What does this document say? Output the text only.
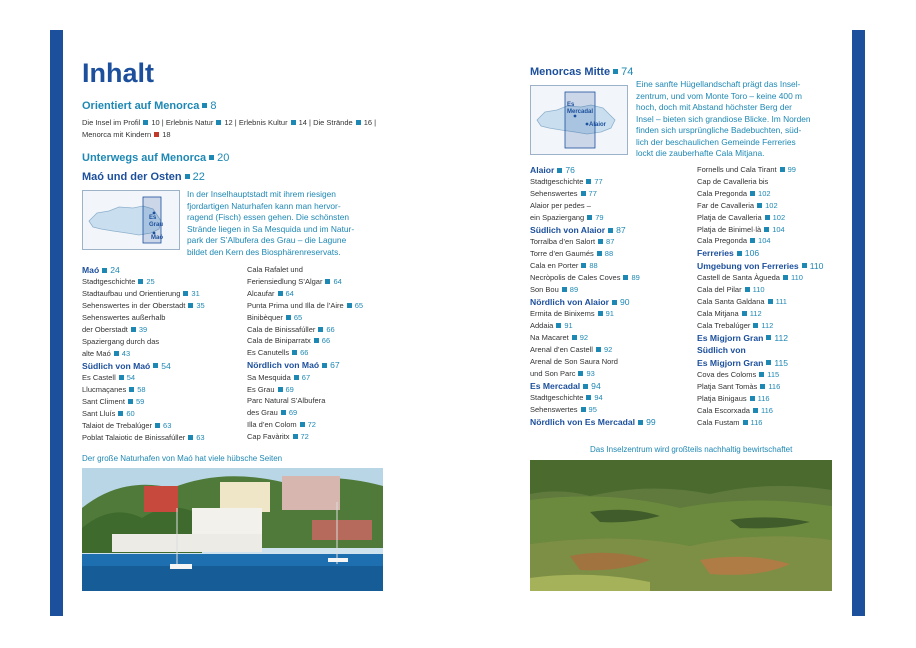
Inhalt
Orientiert auf Menorca 8
Die Insel im Profil 10 | Erlebnis Natur 12 | Erlebnis Kultur 14 | Die Strände 16 | Menorca mit Kindern 18
Unterwegs auf Menorca 20
Maó und der Osten 22
Es Grau
Maó
In der Inselhauptstadt mit ihrem riesigen
fjordartigen Naturhafen kann man hervor-
ragend (Fisch) essen gehen. Die schönsten
Strände liegen in Sa Mesquida und im Natur-
park der S’Albufera des Grau – die Lagune
bildet den Kern des Biosphärenreservats.
Maó 24
Stadtgeschichte 25
Stadtaufbau und Orientierung 31
Sehenswertes in der Oberstadt 35
Sehenswertes außerhalb
der Oberstadt 39
Spaziergang durch das
alte Maó 43
Südlich von Maó 54
Es Castell 54
Llucmaçanes 58
Sant Climent 59
Sant Lluís 60
Talaiot de Trebalúger 63
Poblat Talaiotic de Binissafúller 63
Cala Rafalet und
Feriensiedlung S’Algar 64
Alcaufar 64
Punta Prima und Illa de l’Aire 65
Binibèquer 65
Cala de Binissafúller 66
Cala de Biniparratx 66
Es Canutells 66
Nördlich von Maó 67
Sa Mesquida 67
Es Grau 69
Parc Natural S’Albufera
des Grau 69
Illa d’en Colom 72
Cap Favàritx 72
Der große Naturhafen von Maó hat viele hübsche Seiten
Menorcas Mitte 74
Es Mercadal
Alaior
Eine sanfte Hügellandschaft prägt das Insel-
zentrum, und vom Monte Toro – keine 400 m
hoch, doch mit Abstand höchster Berg der
Insel – bieten sich grandiose Blicke. Im Norden
finden sich ursprüngliche Badebuchten, süd-
lich der beschaulichen Gemeinde Ferreries
lockt die zauberhafte Cala Mitjana.
Alaior 76
Stadtgeschichte 77
Sehenswertes 77
Alaior per pedes –
ein Spaziergang 79
Südlich von Alaior 87
Torralba d’en Salort 87
Torre d’en Gaumés 88
Cala en Porter 88
Necròpolis de Cales Coves 89
Son Bou 89
Nördlich von Alaior 90
Ermita de Binixems 91
Addaia 91
Na Macaret 92
Arenal d’en Castell 92
Arenal de Son Saura Nord
und Son Parc 93
Es Mercadal 94
Stadtgeschichte 94
Sehenswertes 95
Nördlich von Es Mercadal 99
Fornells und Cala Tirant 99
Cap de Cavalleria bis
Cala Pregonda 102
Far de Cavalleria 102
Platja de Cavalleria 102
Platja de Binimel·là 104
Cala Pregonda 104
Ferreries 106
Umgebung von Ferreries 110
Castell de Santa Àgueda 110
Cala del Pilar 110
Cala Santa Galdana 111
Cala Mitjana 112
Cala Trebalúger 112
Es Migjorn Gran 112
Südlich von
Es Migjorn Gran 115
Cova des Coloms 115
Platja Sant Tomàs 116
Platja Binigaus 116
Cala Escorxada 116
Cala Fustam 116
Das Inselzentrum wird großteils nachhaltig bewirtschaftet
